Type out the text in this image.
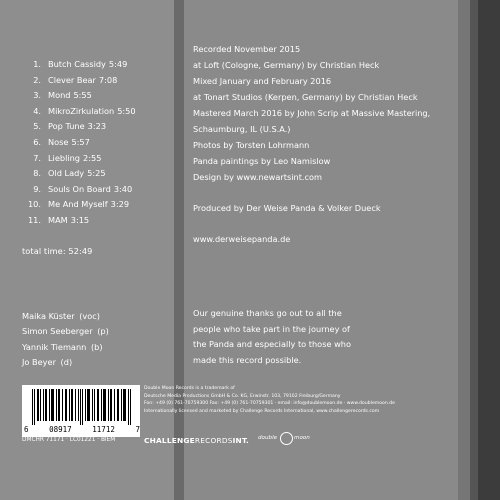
1. Butch Cassidy 5:49
2. Clever Bear 7:08
3. Mond 5:55
4. MikroZirkulation 5:50
5. Pop Tune 3:23
6. Nose 5:57
7. Liebling 2:55
8. Old Lady 5:25
9. Souls On Board 3:40
10. Me And Myself 3:29
11. MAM 3:15
total time: 52:49
Maika Küster (voc)
Simon Seeberger (p)
Yannik Tiemann (b)
Jo Beyer (d)
Recorded November 2015
at Loft (Cologne, Germany) by Christian Heck
Mixed January and February 2016
at Tonart Studios (Kerpen, Germany) by Christian Heck
Mastered March 2016 by John Scrip at Massive Mastering,
Schaumburg, IL (U.S.A.)
Photos by Torsten Lohrmann
Panda paintings by Leo Namislow
Design by www.newartsint.com
Produced by Der Weise Panda & Volker Dueck
www.derweisepanda.de
Our genuine thanks go out to all the
people who take part in the journey of
the Panda and especially to those who
made this record possible.
6	08917	11712	7
DMCHR 71171 · LC01221 · BIEM
Double Moon Records is a trademark of
Deutsche Media Productions GmbH & Co. KG, Erwinstr. 103, 79102 Freiburg/Germany
Fon: +49 (0) 761-70759300 Fax: +49 (0) 761-70759301 · email: info@doublemoon.de · www.doublemoon.de
Internationally licensed and marketed by Challenge Records International, www.challengerecords.com
CHALLENGERECORDSINT. double	moon
